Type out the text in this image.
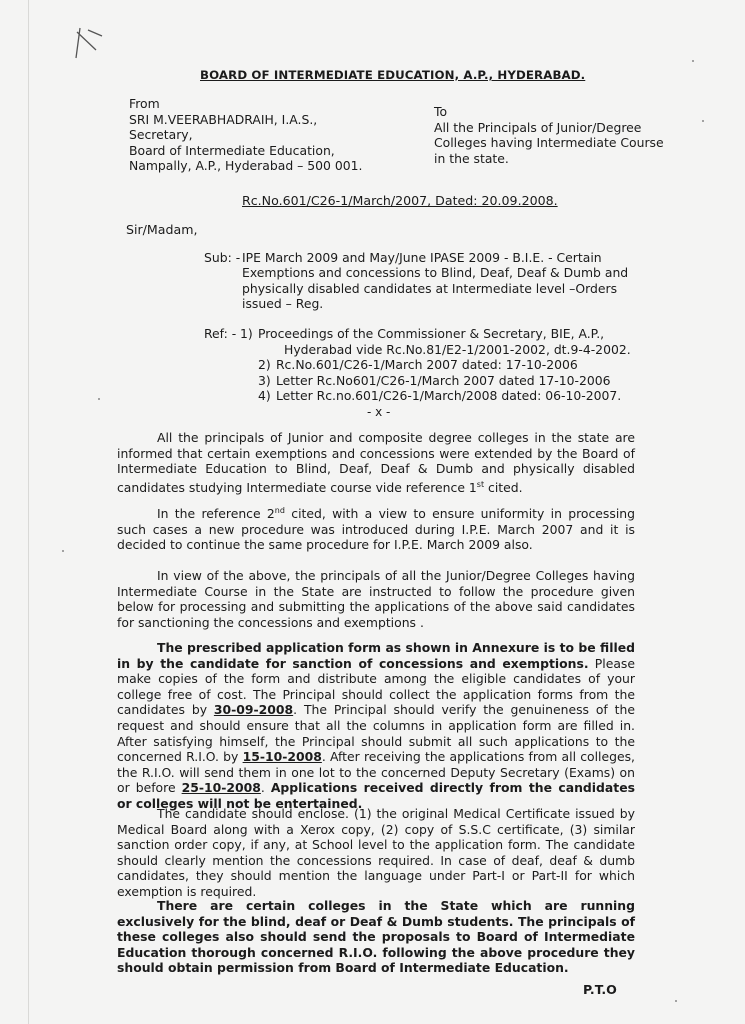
BOARD OF INTERMEDIATE EDUCATION, A.P., HYDERABAD.
From
SRI M.VEERABHADRAIH, I.A.S.,
Secretary,
Board of Intermediate Education,
Nampally, A.P., Hyderabad – 500 001.
To
All the Principals of Junior/Degree
Colleges having Intermediate Course
in the state.
Rc.No.601/C26-1/March/2007, Dated: 20.09.2008.
Sir/Madam,
Sub: - IPE March 2009 and May/June IPASE 2009 - B.I.E. - Certain Exemptions and concessions to Blind, Deaf, Deaf & Dumb and physically disabled candidates at Intermediate level –Orders issued – Reg.
Ref: - 1) Proceedings of the Commissioner & Secretary, BIE, A.P.,
Hyderabad vide Rc.No.81/E2-1/2001-2002, dt.9-4-2002.
2) Rc.No.601/C26-1/March 2007 dated: 17-10-2006
3) Letter Rc.No601/C26-1/March 2007 dated 17-10-2006
4) Letter Rc.no.601/C26-1/March/2008 dated: 06-10-2007.
- x -
All the principals of Junior and composite degree colleges in the state are informed that certain exemptions and concessions were extended by the Board of Intermediate Education to Blind, Deaf, Deaf & Dumb and physically disabled candidates studying Intermediate course vide reference 1st cited.
In the reference 2nd cited, with a view to ensure uniformity in processing such cases a new procedure was introduced during I.P.E. March 2007 and it is decided to continue the same procedure for I.P.E. March 2009 also.
In view of the above, the principals of all the Junior/Degree Colleges having Intermediate Course in the State are instructed to follow the procedure given below for processing and submitting the applications of the above said candidates for sanctioning the concessions and exemptions .
The prescribed application form as shown in Annexure is to be filled in by the candidate for sanction of concessions and exemptions. Please make copies of the form and distribute among the eligible candidates of your college free of cost. The Principal should collect the application forms from the candidates by 30-09-2008. The Principal should verify the genuineness of the request and should ensure that all the columns in application form are filled in. After satisfying himself, the Principal should submit all such applications to the concerned R.I.O. by 15-10-2008. After receiving the applications from all colleges, the R.I.O. will send them in one lot to the concerned Deputy Secretary (Exams) on or before 25-10-2008. Applications received directly from the candidates or colleges will not be entertained.
The candidate should enclose. (1) the original Medical Certificate issued by Medical Board along with a Xerox copy, (2) copy of S.S.C certificate, (3) similar sanction order copy, if any, at School level to the application form. The candidate should clearly mention the concessions required. In case of deaf, deaf & dumb candidates, they should mention the language under Part-I or Part-II for which exemption is required.
There are certain colleges in the State which are running exclusively for the blind, deaf or Deaf & Dumb students. The principals of these colleges also should send the proposals to Board of Intermediate Education thorough concerned R.I.O. following the above procedure they should obtain permission from Board of Intermediate Education.
P.T.O
